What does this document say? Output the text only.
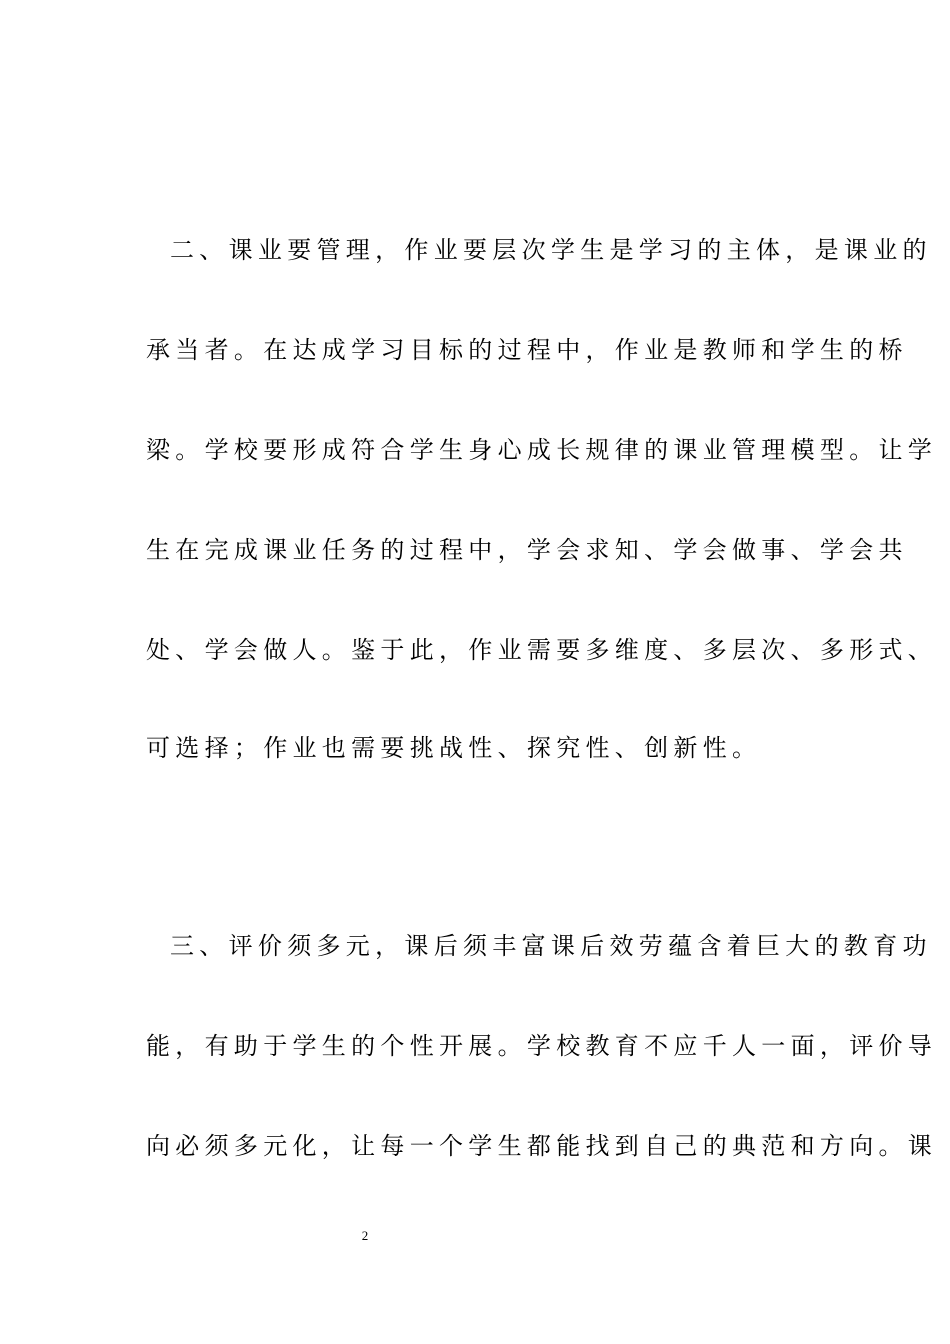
二、课业要管理，作业要层次学生是学习的主体，是课业的
承当者。在达成学习目标的过程中，作业是教师和学生的桥
梁。学校要形成符合学生身心成长规律的课业管理模型。让学
生在完成课业任务的过程中，学会求知、学会做事、学会共
处、学会做人。鉴于此，作业需要多维度、多层次、多形式、
可选择；作业也需要挑战性、探究性、创新性。
三、评价须多元，课后须丰富课后效劳蕴含着巨大的教育功
能，有助于学生的个性开展。学校教育不应千人一面，评价导
向必须多元化，让每一个学生都能找到自己的典范和方向。课
2
